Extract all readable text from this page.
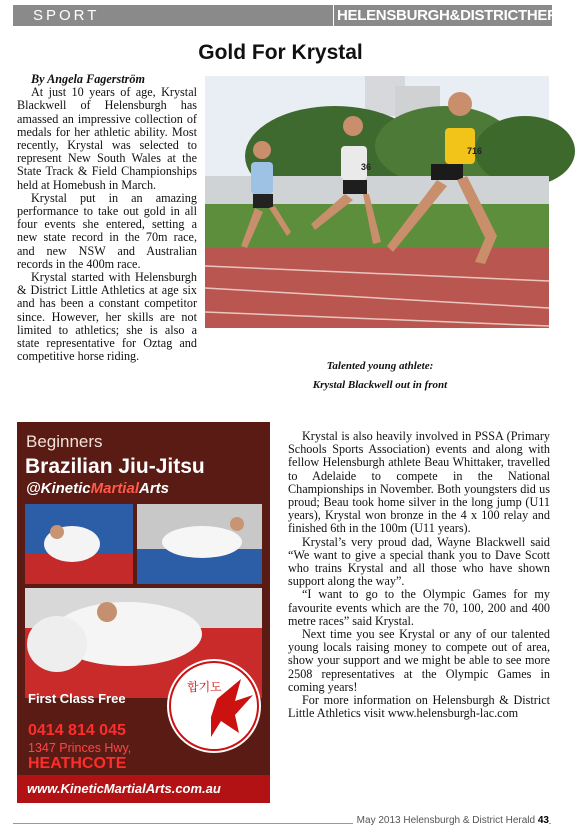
SPORT	HELENSBURGH&DISTRICTHERALD
Gold For Krystal
By Angela Fagerström

At just 10 years of age, Krystal Blackwell of Helensburgh has amassed an impressive collection of medals for her athletic ability. Most recently, Krystal was selected to represent New South Wales at the State Track & Field Championships held at Homebush in March.

Krystal put in an amazing performance to take out gold in all four events she entered, setting a new state record in the 70m race, and new NSW and Australian records in the 400m race.

Krystal started with Helensburgh & District Little Athletics at age six and has been a constant competitor since. However, her skills are not limited to athletics; she is also a state representative for Oztag and competitive horse riding.

36
716
Talented young athlete:
Krystal Blackwell out in front

Krystal is also heavily involved in PSSA (Primary Schools Sports Association) events and along with fellow Helensburgh athlete Beau Whittaker, travelled to Adelaide to compete in the National Championships in November. Both youngsters did us proud; Beau took home silver in the long jump (U11 years), Krystal won bronze in the 4 x 100 relay and finished 6th in the 100m (U11 years).

Krystal’s very proud dad, Wayne Blackwell said “We want to give a special thank you to Dave Scott who trains Krystal and all those who have shown support along the way”.

“I want to go to the Olympic Games for my favourite events which are the 70, 100, 200 and 400 metre races” said Krystal.

Next time you see Krystal or any of our talented young locals raising money to compete out of area, show your support and we might be able to see more 2508 representatives at the Olympic Games in coming years!

For more information on Helensburgh & District Little Athletics visit www.helensburgh-lac.com

Beginners
Brazilian Jiu-Jitsu
@KineticMartialArts
First Class Free
0414 814 045
1347 Princes Hwy,
HEATHCOTE
합기도
www.KineticMartialArts.com.au
May 2013 Helensburgh & District Herald 43
